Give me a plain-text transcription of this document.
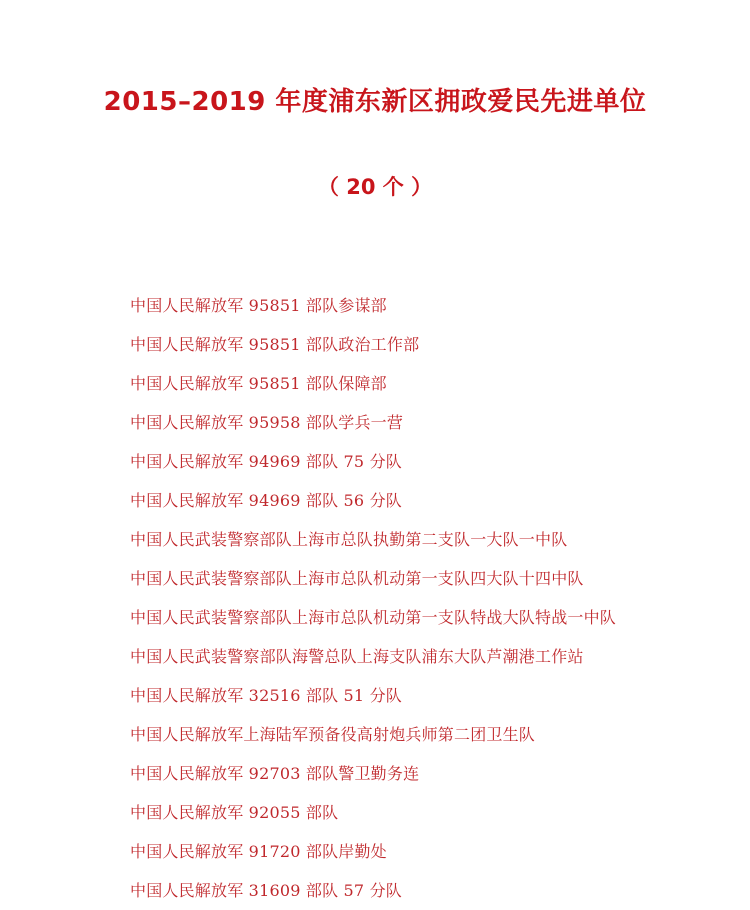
2015–2019 年度浦东新区拥政爱民先进单位
（ 20 个 ）
中国人民解放军 95851 部队参谋部
中国人民解放军 95851 部队政治工作部
中国人民解放军 95851 部队保障部
中国人民解放军 95958 部队学兵一营
中国人民解放军 94969 部队 75 分队
中国人民解放军 94969 部队 56 分队
中国人民武装警察部队上海市总队执勤第二支队一大队一中队
中国人民武装警察部队上海市总队机动第一支队四大队十四中队
中国人民武装警察部队上海市总队机动第一支队特战大队特战一中队
中国人民武装警察部队海警总队上海支队浦东大队芦潮港工作站
中国人民解放军 32516 部队 51 分队
中国人民解放军上海陆军预备役高射炮兵师第二团卫生队
中国人民解放军 92703 部队警卫勤务连
中国人民解放军 92055 部队
中国人民解放军 91720 部队岸勤处
中国人民解放军 31609 部队 57 分队
